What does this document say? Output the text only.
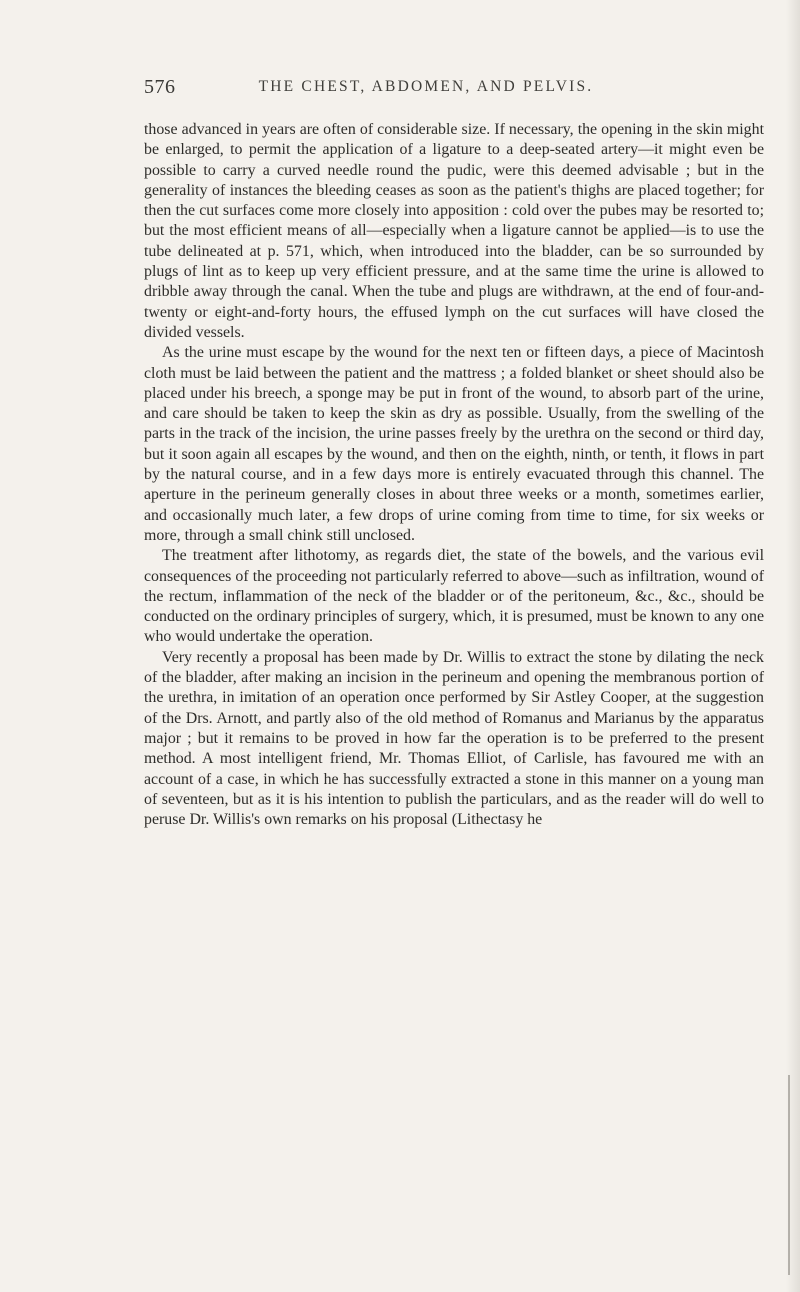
576	THE CHEST, ABDOMEN, AND PELVIS.

those advanced in years are often of considerable size. If necessary, the opening in the skin might be enlarged, to permit the application of a ligature to a deep-seated artery—it might even be possible to carry a curved needle round the pudic, were this deemed advisable ; but in the generality of instances the bleeding ceases as soon as the patient's thighs are placed together; for then the cut surfaces come more closely into apposition : cold over the pubes may be resorted to; but the most efficient means of all—especially when a ligature cannot be applied—is to use the tube delineated at p. 571, which, when introduced into the bladder, can be so surrounded by plugs of lint as to keep up very efficient pressure, and at the same time the urine is allowed to dribble away through the canal. When the tube and plugs are withdrawn, at the end of four-and-twenty or eight-and-forty hours, the effused lymph on the cut surfaces will have closed the divided vessels.

As the urine must escape by the wound for the next ten or fifteen days, a piece of Macintosh cloth must be laid between the patient and the mattress ; a folded blanket or sheet should also be placed under his breech, a sponge may be put in front of the wound, to absorb part of the urine, and care should be taken to keep the skin as dry as possible. Usually, from the swelling of the parts in the track of the incision, the urine passes freely by the urethra on the second or third day, but it soon again all escapes by the wound, and then on the eighth, ninth, or tenth, it flows in part by the natural course, and in a few days more is entirely evacuated through this channel. The aperture in the perineum generally closes in about three weeks or a month, sometimes earlier, and occasionally much later, a few drops of urine coming from time to time, for six weeks or more, through a small chink still unclosed.

The treatment after lithotomy, as regards diet, the state of the bowels, and the various evil consequences of the proceeding not particularly referred to above—such as infiltration, wound of the rectum, inflammation of the neck of the bladder or of the peritoneum, &c., &c., should be conducted on the ordinary principles of surgery, which, it is presumed, must be known to any one who would undertake the operation.

Very recently a proposal has been made by Dr. Willis to extract the stone by dilating the neck of the bladder, after making an incision in the perineum and opening the membranous portion of the urethra, in imitation of an operation once performed by Sir Astley Cooper, at the suggestion of the Drs. Arnott, and partly also of the old method of Romanus and Marianus by the apparatus major ; but it remains to be proved in how far the operation is to be preferred to the present method. A most intelligent friend, Mr. Thomas Elliot, of Carlisle, has favoured me with an account of a case, in which he has successfully extracted a stone in this manner on a young man of seventeen, but as it is his intention to publish the particulars, and as the reader will do well to peruse Dr. Willis's own remarks on his proposal (Lithectasy he
